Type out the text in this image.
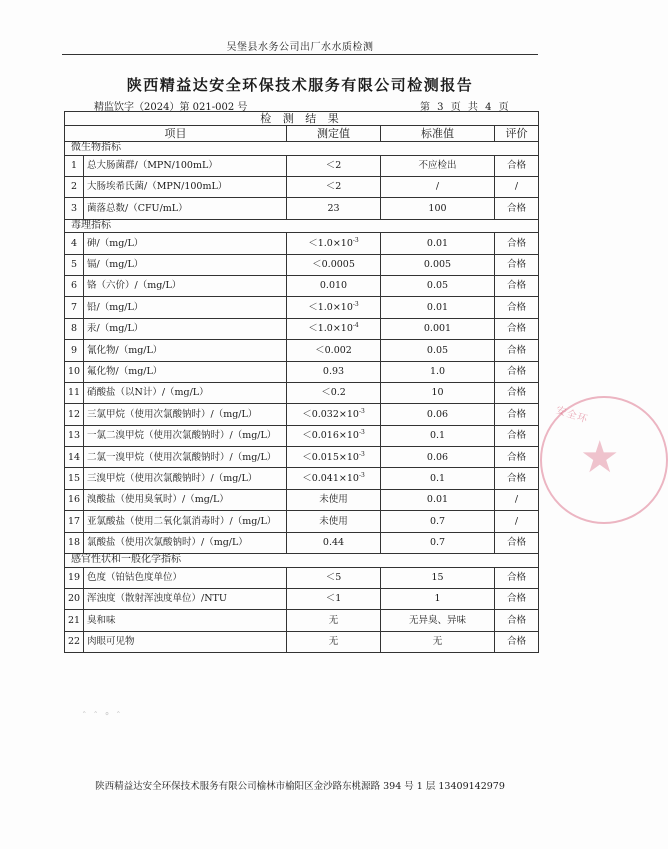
吴堡县水务公司出厂水水质检测
陕西精益达安全环保技术服务有限公司检测报告
精监饮字（2024）第 021-002 号	第 3 页 共 4 页
检 测 结 果				
项目		测定值	标准值	评价
微生物指标				
1	总大肠菌群/（MPN/100mL）	＜2	不应检出	合格
2	大肠埃希氏菌/（MPN/100mL）	＜2	/	/
3	菌落总数/（CFU/mL）	23	100	合格
毒理指标				
4	砷/（mg/L）	$<1.0\times 10^{-3}$	0.01	合格
5	镉/（mg/L）	＜0.0005	0.005	合格
6	铬（六价）/（mg/L）	0.010	0.05	合格
7	铅/（mg/L）	$<1.0\times 10^{-3}$	0.01	合格
8	汞/（mg/L）	$<1.0\times 10^{-4}$	0.001	合格
9	氰化物/（mg/L）	＜0.002	0.05	合格
10	氟化物/（mg/L）	0.93	1.0	合格
11	硝酸盐（以N计）/（mg/L）	＜0.2	10	合格
12	三氯甲烷（使用次氯酸钠时）/（mg/L）	$<0.032\times 10^{-3}$	0.06	合格
13	一氯二溴甲烷（使用次氯酸钠时）/（mg/L）	$<0.016\times 10^{-3}$	0.1	合格
14	二氯一溴甲烷（使用次氯酸钠时）/（mg/L）	$<0.015\times 10^{-3}$	0.06	合格
15	三溴甲烷（使用次氯酸钠时）/（mg/L）	$<0.041\times 10^{-3}$	0.1	合格
16	溴酸盐（使用臭氧时）/（mg/L）	未使用	0.01	/
17	亚氯酸盐（使用二氧化氯消毒时）/（mg/L）	未使用	0.7	/
18	氯酸盐（使用次氯酸钠时）/（mg/L）	0.44	0.7	合格
感官性状和一般化学指标				
19	色度（铂钴色度单位）	＜5	15	合格
20	浑浊度（散射浑浊度单位）/NTU	＜1	1	合格
21	臭和味	无	无异臭、异味	合格
22	肉眼可见物	无	无	合格
ˆ ˆ ° ˆ
安全环
★
陕西精益达安全环保技术服务有限公司榆林市榆阳区金沙路东桃源路 394 号 1 层 13409142979
